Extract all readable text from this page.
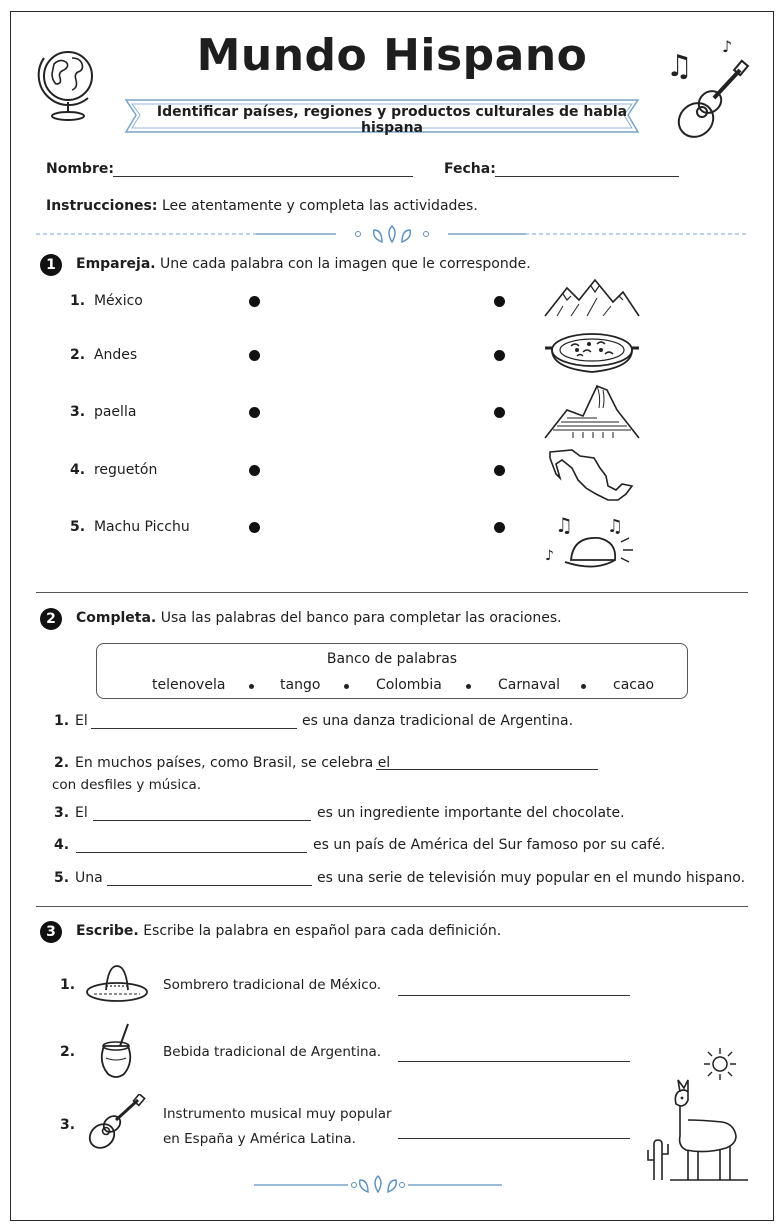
♫
♪
Mundo Hispano
Identificar países, regiones y productos culturales de habla hispana
Nombre:	Fecha:
Instrucciones: Lee atentamente y completa las actividades.
1	Empareja. Une cada palabra con la imagen que le corresponde.
1. México
2. Andes
3. paella
4. reguetón
5. Machu Picchu	♫ ♫
♪
2	Completa. Usa las palabras del banco para completar las oraciones.
Banco de palabras
telenovela	tango	Colombia	Carnaval	cacao
1. El	es una danza tradicional de Argentina.
2. En muchos países, como Brasil, se celebra el
con desfiles y música.
3. El	es un ingrediente importante del chocolate.
4.	es un país de América del Sur famoso por su café.
5. Una	es una serie de televisión muy popular en el mundo hispano.
3	Escribe. Escribe la palabra en español para cada definición.
1.	Sombrero tradicional de México.
2.	Bebida tradicional de Argentina.
3.
Instrumento musical muy popular
en España y América Latina.
